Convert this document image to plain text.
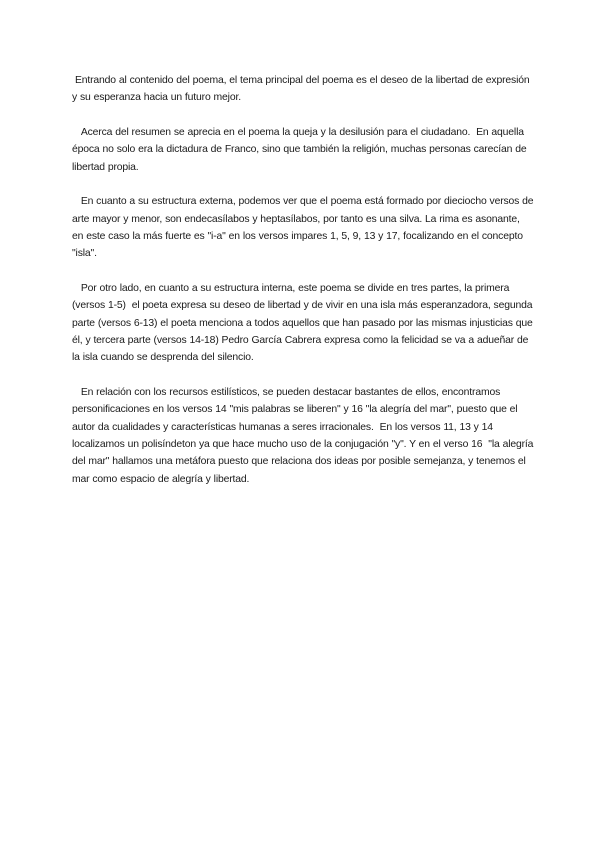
Entrando al contenido del poema, el tema principal del poema es el deseo de la libertad de expresión y su esperanza hacia un futuro mejor.

Acerca del resumen se aprecia en el poema la queja y la desilusión para el ciudadano.  En aquella época no solo era la dictadura de Franco, sino que también la religión, muchas personas carecían de libertad propia.

En cuanto a su estructura externa, podemos ver que el poema está formado por dieciocho versos de arte mayor y menor, son endecasílabos y heptasílabos, por tanto es una silva. La rima es asonante,  en este caso la más fuerte es "i-a" en los versos impares 1, 5, 9, 13 y 17, focalizando en el concepto "isla".

Por otro lado, en cuanto a su estructura interna, este poema se divide en tres partes, la primera (versos 1-5)  el poeta expresa su deseo de libertad y de vivir en una isla más esperanzadora, segunda parte (versos 6-13) el poeta menciona a todos aquellos que han pasado por las mismas injusticias que él, y tercera parte (versos 14-18) Pedro García Cabrera expresa como la felicidad se va a adueñar de la isla cuando se desprenda del silencio.

En relación con los recursos estilísticos, se pueden destacar bastantes de ellos, encontramos personificaciones en los versos 14 "mis palabras se liberen" y 16 "la alegría del mar", puesto que el autor da cualidades y características humanas a seres irracionales.  En los versos 11, 13 y 14 localizamos un polisíndeton ya que hace mucho uso de la conjugación "y". Y en el verso 16  "la alegría del mar" hallamos una metáfora puesto que relaciona dos ideas por posible semejanza, y tenemos el mar como espacio de alegría y libertad.
